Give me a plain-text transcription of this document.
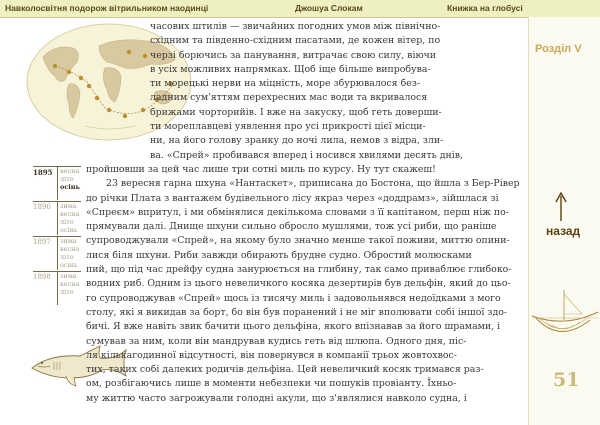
Навколосвітня подорож вітрильником наодинці	Джошуа Слокам	Книжка на глобусі
Розділ V
назад
51
1895 весна
літо
осінь
1896 зима
весна
літо
осінь
1897 зима
весна
літо
осінь
1898 зима
весна
літо
часових штилів — звичайних погодних умов між північно-
східним та південно-східним пасатами, де кожен вітер, по
черзі борючись за панування, витрачає свою силу, віючи
в усіх можливих напрямках. Щоб іще більше випробува-
ти морецькі нерви на міцність, море збурювалося без-
ладним сум'яттям перехресних мас води та вкривалося
брижами чорторийів. І вже на закуску, щоб геть доверши-
ти мореплавцеві уявлення про усі прикрості цієї місци-
ни, на його голову зранку до ночі лила, немов з відра, зли-
ва. «Спрей» пробивався вперед і носився хвилями десять днів,
пройшовши за цей час лише три сотні миль по курсу. Ну тут скажеш!
23 вересня гарна шхуна «Нантаскет», приписана до Бостона, що йшла з Бер-Рівер
до річки Плата з вантажем будівельного лісу якраз через «доддрамз», зійшлася зі
«Спреєм» впритул, і ми обмінялися декількома словами з її капітаном, перш ніж по-
прямували далі. Днище шхуни сильно обросло мушлями, тож усі риби, що раніше
супроводжували «Спрей», на якому було значно менше такої поживи, миттю опини-
лися біля шхуни. Риби завжди обирають брудне судно. Обростий молюсками
пий, що під час дрейфу судна занурюється на глибину, так само приваблює глибоко-
водних риб. Одним із цього невеличкого косяка дезертирів був дельфін, який до цьо-
го супроводжував «Спрей» щось із тисячу миль і задовольнявся недоїдками з мого
столу, які я викидав за борт, бо він був поранений і не міг вполювати собі іншої здо-
бичі. Я вже навіть звик бачити цього дельфіна, якого впізнавав за його шрамами, і
сумував за ним, коли він мандрував кудись геть від шлюпа. Одного дня, піс-
ля кількагодинної відсутності, він повернувся в компанії трьох жовтохвос-
тих, таких собі далеких родичів дельфіна. Цей невеличкий косяк тримався раз-
ом, розбігаючись лише в моменти небезпеки чи пошуків провіанту. Їхньо-
му життю часто загрожували голодні акули, що з'являлися навколо судна, і
